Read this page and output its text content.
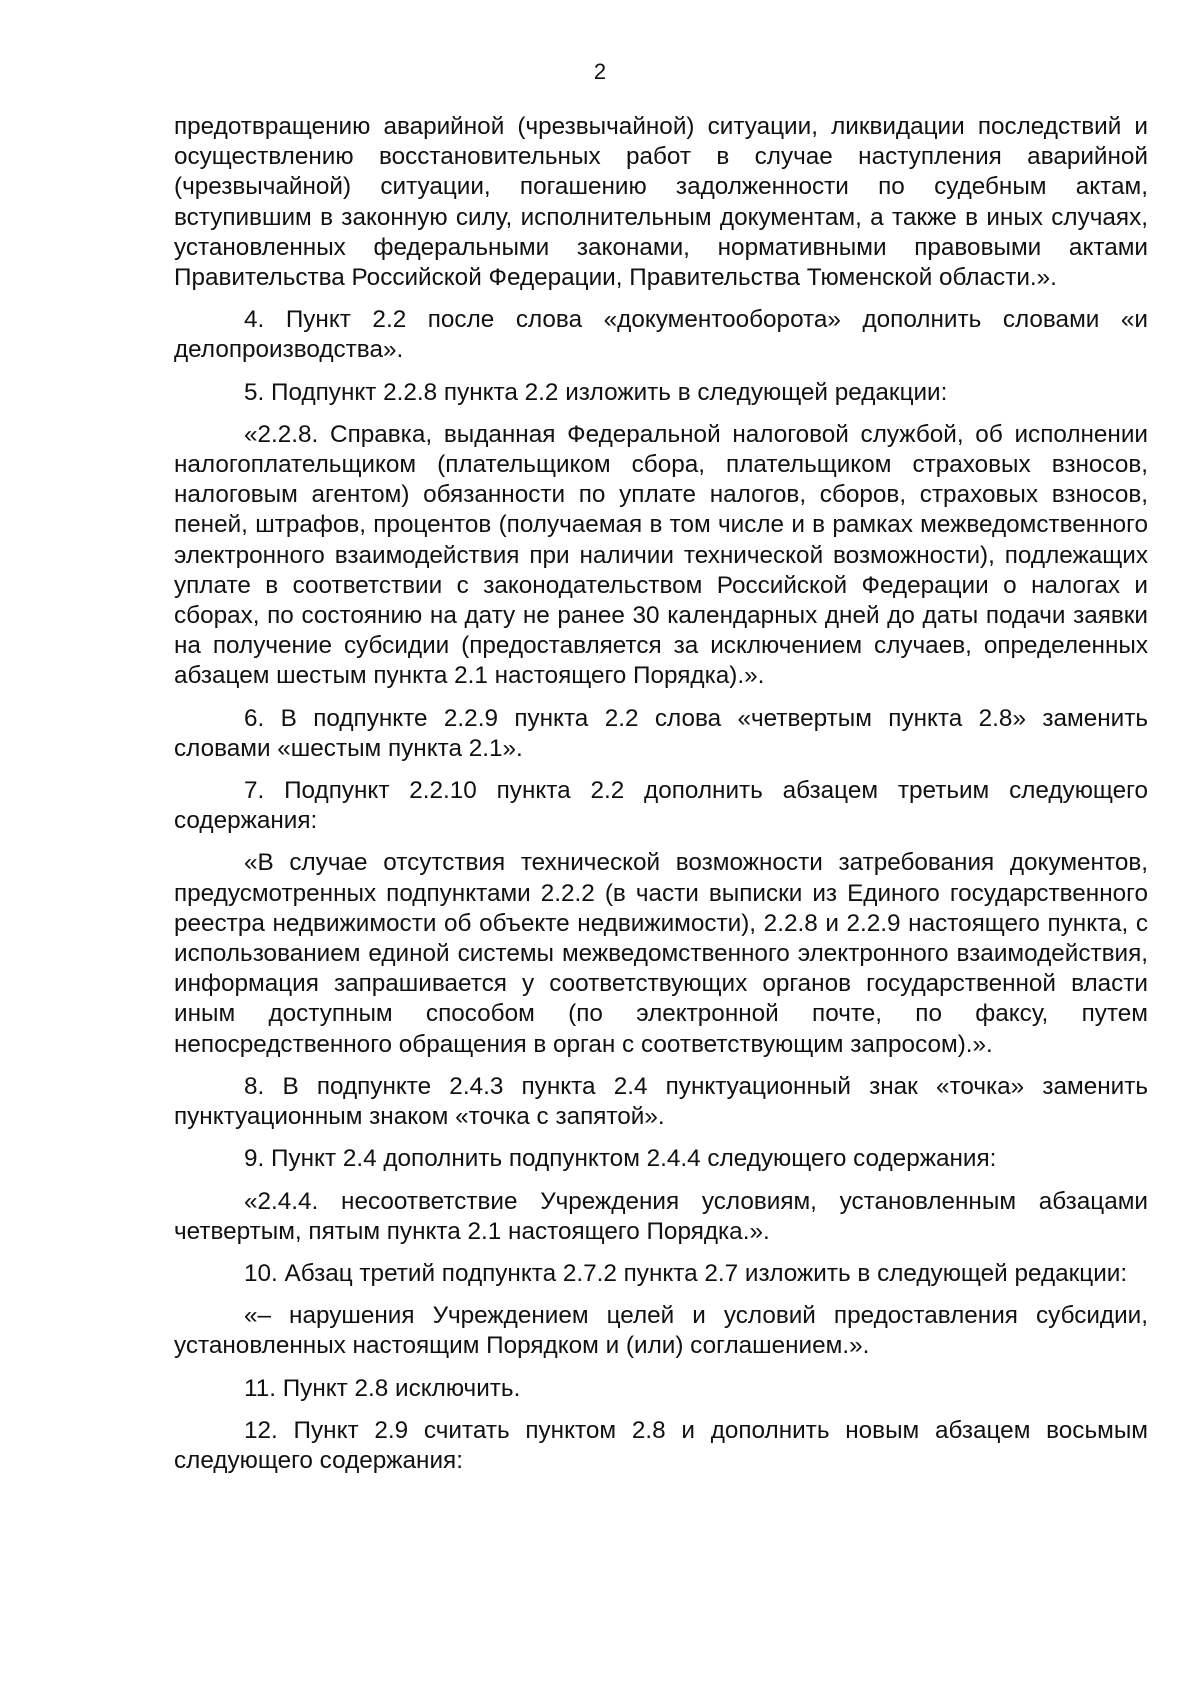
2

предотвращению аварийной (чрезвычайной) ситуации, ликвидации последствий и осуществлению восстановительных работ в случае наступления аварийной (чрезвычайной) ситуации, погашению задолженности по судебным актам, вступившим в законную силу, исполнительным документам, а также в иных случаях, установленных федеральными законами, нормативными правовыми актами Правительства Российской Федерации, Правительства Тюменской области.».

4. Пункт 2.2 после слова «документооборота» дополнить словами «и делопроизводства».

5. Подпункт 2.2.8 пункта 2.2 изложить в следующей редакции:

«2.2.8. Справка, выданная Федеральной налоговой службой, об исполнении налогоплательщиком (плательщиком сбора, плательщиком страховых взносов, налоговым агентом) обязанности по уплате налогов, сборов, страховых взносов, пеней, штрафов, процентов (получаемая в том числе и в рамках межведомственного электронного взаимодействия при наличии технической возможности), подлежащих уплате в соответствии с законодательством Российской Федерации о налогах и сборах, по состоянию на дату не ранее 30 календарных дней до даты подачи заявки на получение субсидии (предоставляется за исключением случаев, определенных абзацем шестым пункта 2.1 настоящего Порядка).».

6. В подпункте 2.2.9 пункта 2.2 слова «четвертым пункта 2.8» заменить словами «шестым пункта 2.1».

7. Подпункт 2.2.10 пункта 2.2 дополнить абзацем третьим следующего содержания:

«В случае отсутствия технической возможности затребования документов, предусмотренных подпунктами 2.2.2 (в части выписки из Единого государственного реестра недвижимости об объекте недвижимости), 2.2.8 и 2.2.9 настоящего пункта, с использованием единой системы межведомственного электронного взаимодействия, информация запрашивается у соответствующих органов государственной власти иным доступным способом (по электронной почте, по факсу, путем непосредственного обращения в орган с соответствующим запросом).».

8. В подпункте 2.4.3 пункта 2.4 пунктуационный знак «точка» заменить пунктуационным знаком «точка с запятой».

9. Пункт 2.4 дополнить подпунктом 2.4.4 следующего содержания:

«2.4.4. несоответствие Учреждения условиям, установленным абзацами четвертым, пятым пункта 2.1 настоящего Порядка.».

10. Абзац третий подпункта 2.7.2 пункта 2.7 изложить в следующей редакции:

«– нарушения Учреждением целей и условий предоставления субсидии, установленных настоящим Порядком и (или) соглашением.».

11. Пункт 2.8 исключить.

12. Пункт 2.9 считать пунктом 2.8 и дополнить новым абзацем восьмым следующего содержания:
